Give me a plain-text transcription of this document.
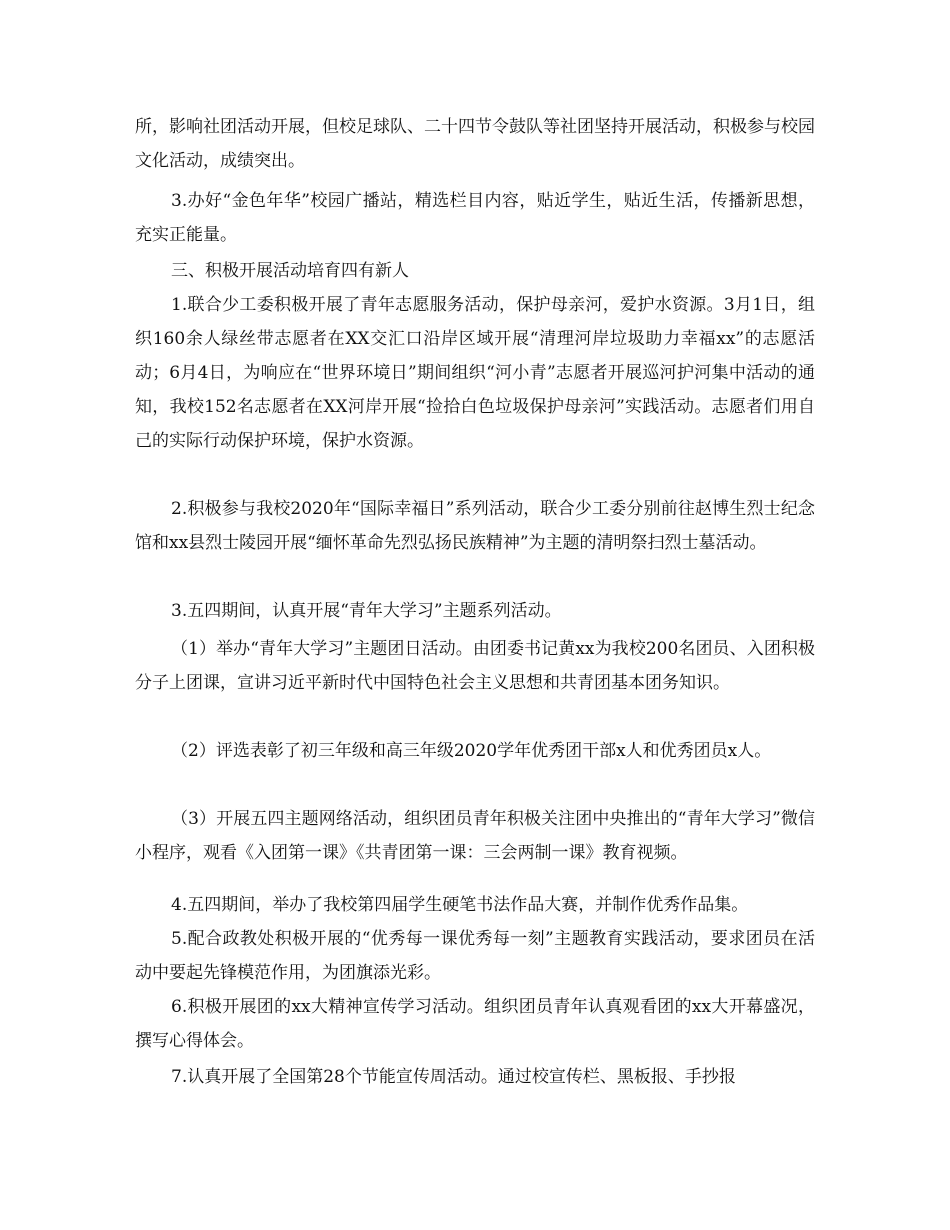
所，影响社团活动开展，但校足球队、二十四节令鼓队等社团坚持开展活动，积极参与校园文化活动，成绩突出。

3.办好“金色年华”校园广播站，精选栏目内容，贴近学生，贴近生活，传播新思想，充实正能量。

三、积极开展活动培育四有新人

1.联合少工委积极开展了青年志愿服务活动，保护母亲河，爱护水资源。3月1日，组织160余人绿丝带志愿者在XX交汇口沿岸区域开展“清理河岸垃圾助力幸福xx”的志愿活动；6月4日，为响应在“世界环境日”期间组织“河小青”志愿者开展巡河护河集中活动的通知，我校152名志愿者在XX河岸开展“捡拾白色垃圾保护母亲河”实践活动。志愿者们用自己的实际行动保护环境，保护水资源。

2.积极参与我校2020年“国际幸福日”系列活动，联合少工委分别前往赵博生烈士纪念馆和xx县烈士陵园开展“缅怀革命先烈弘扬民族精神”为主题的清明祭扫烈士墓活动。

3.五四期间，认真开展“青年大学习”主题系列活动。

（1）举办“青年大学习”主题团日活动。由团委书记黄xx为我校200名团员、入团积极分子上团课，宣讲习近平新时代中国特色社会主义思想和共青团基本团务知识。

（2）评选表彰了初三年级和高三年级2020学年优秀团干部x人和优秀团员x人。

（3）开展五四主题网络活动，组织团员青年积极关注团中央推出的“青年大学习”微信小程序，观看《入团第一课》《共青团第一课：三会两制一课》教育视频。

4.五四期间，举办了我校第四届学生硬笔书法作品大赛，并制作优秀作品集。

5.配合政教处积极开展的“优秀每一课优秀每一刻”主题教育实践活动，要求团员在活动中要起先锋模范作用，为团旗添光彩。

6.积极开展团的xx大精神宣传学习活动。组织团员青年认真观看团的xx大开幕盛况，撰写心得体会。

7.认真开展了全国第28个节能宣传周活动。通过校宣传栏、黑板报、手抄报
